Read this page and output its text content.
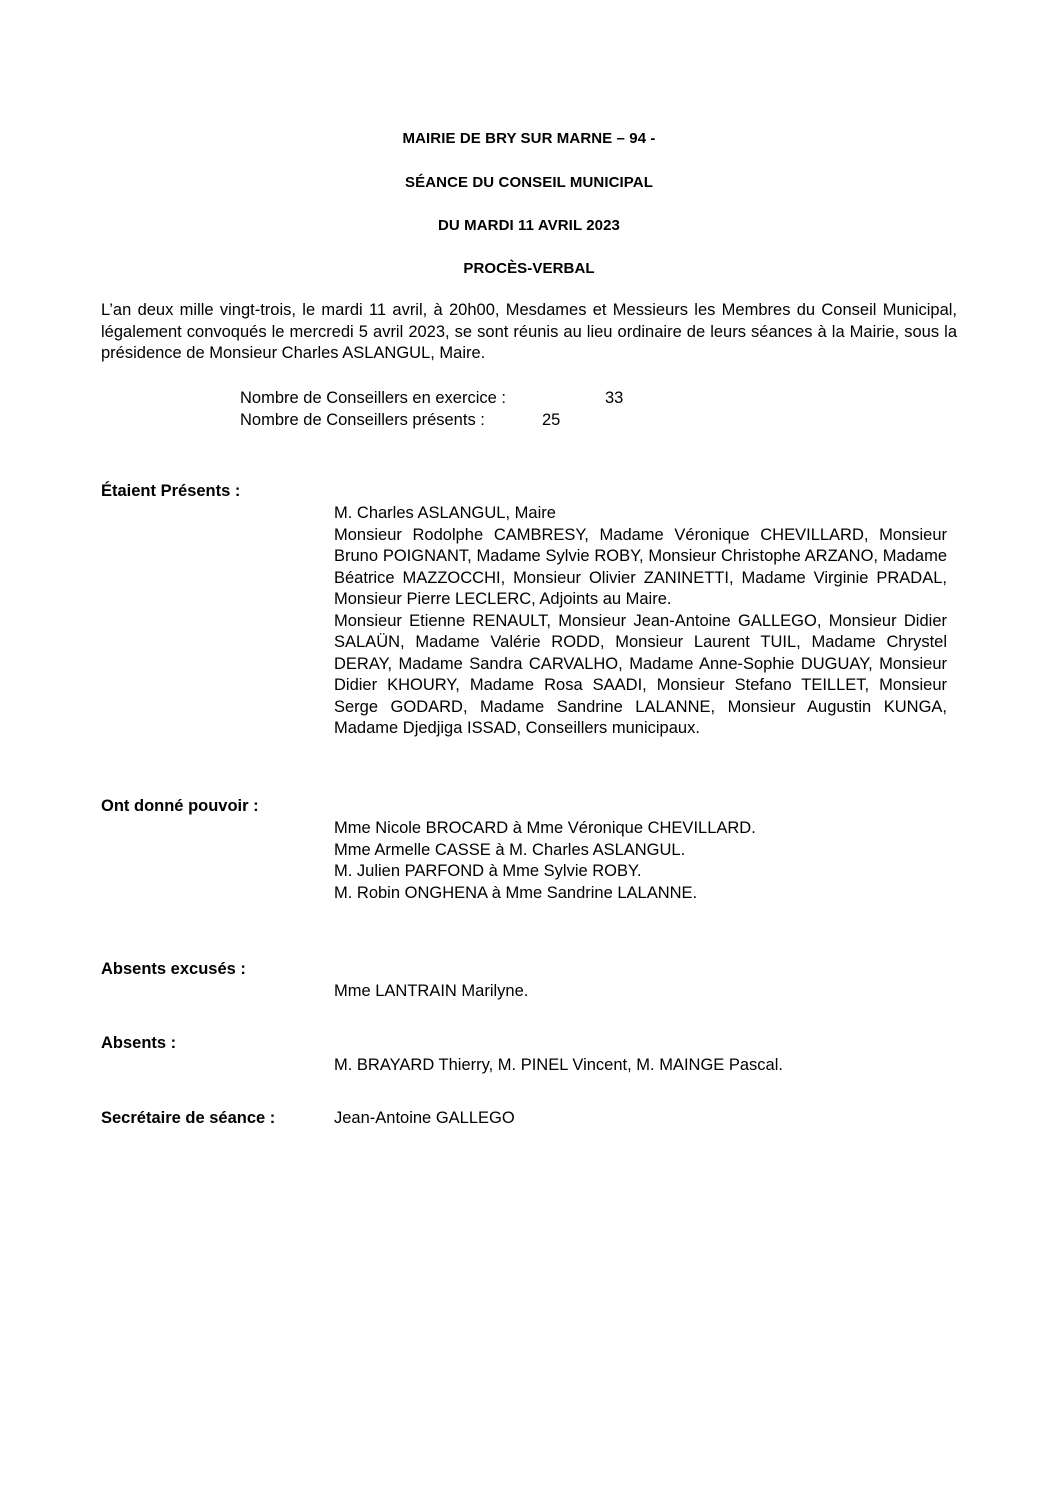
MAIRIE DE BRY SUR MARNE – 94 -
SÉANCE DU CONSEIL MUNICIPAL
DU MARDI 11 AVRIL 2023
PROCÈS-VERBAL
L’an deux mille vingt-trois, le mardi 11 avril, à 20h00, Mesdames et Messieurs les Membres du Conseil Municipal, légalement convoqués le mercredi 5 avril 2023, se sont réunis au lieu ordinaire de leurs séances à la Mairie, sous la présidence de Monsieur Charles ASLANGUL, Maire.
Nombre de Conseillers en exercice :	33
Nombre de Conseillers présents :	25
Étaient Présents :
M. Charles ASLANGUL, Maire
Monsieur Rodolphe CAMBRESY, Madame Véronique CHEVILLARD, Monsieur Bruno POIGNANT, Madame Sylvie ROBY, Monsieur Christophe ARZANO, Madame Béatrice MAZZOCCHI, Monsieur Olivier ZANINETTI, Madame Virginie PRADAL, Monsieur Pierre LECLERC, Adjoints au Maire.
Monsieur Etienne RENAULT, Monsieur Jean-Antoine GALLEGO, Monsieur Didier SALAÜN, Madame Valérie RODD, Monsieur Laurent TUIL, Madame Chrystel DERAY, Madame Sandra CARVALHO, Madame Anne-Sophie DUGUAY, Monsieur Didier KHOURY, Madame Rosa SAADI, Monsieur Stefano TEILLET, Monsieur Serge GODARD, Madame Sandrine LALANNE, Monsieur Augustin KUNGA, Madame Djedjiga ISSAD, Conseillers municipaux.
Ont donné pouvoir :
Mme Nicole BROCARD à Mme Véronique CHEVILLARD.
Mme Armelle CASSE à M. Charles ASLANGUL.
M. Julien PARFOND à Mme Sylvie ROBY.
M. Robin ONGHENA à Mme Sandrine LALANNE.
Absents excusés :
Mme LANTRAIN Marilyne.
Absents :
M. BRAYARD Thierry, M. PINEL Vincent, M. MAINGE Pascal.
Secrétaire de séance :	Jean-Antoine GALLEGO
